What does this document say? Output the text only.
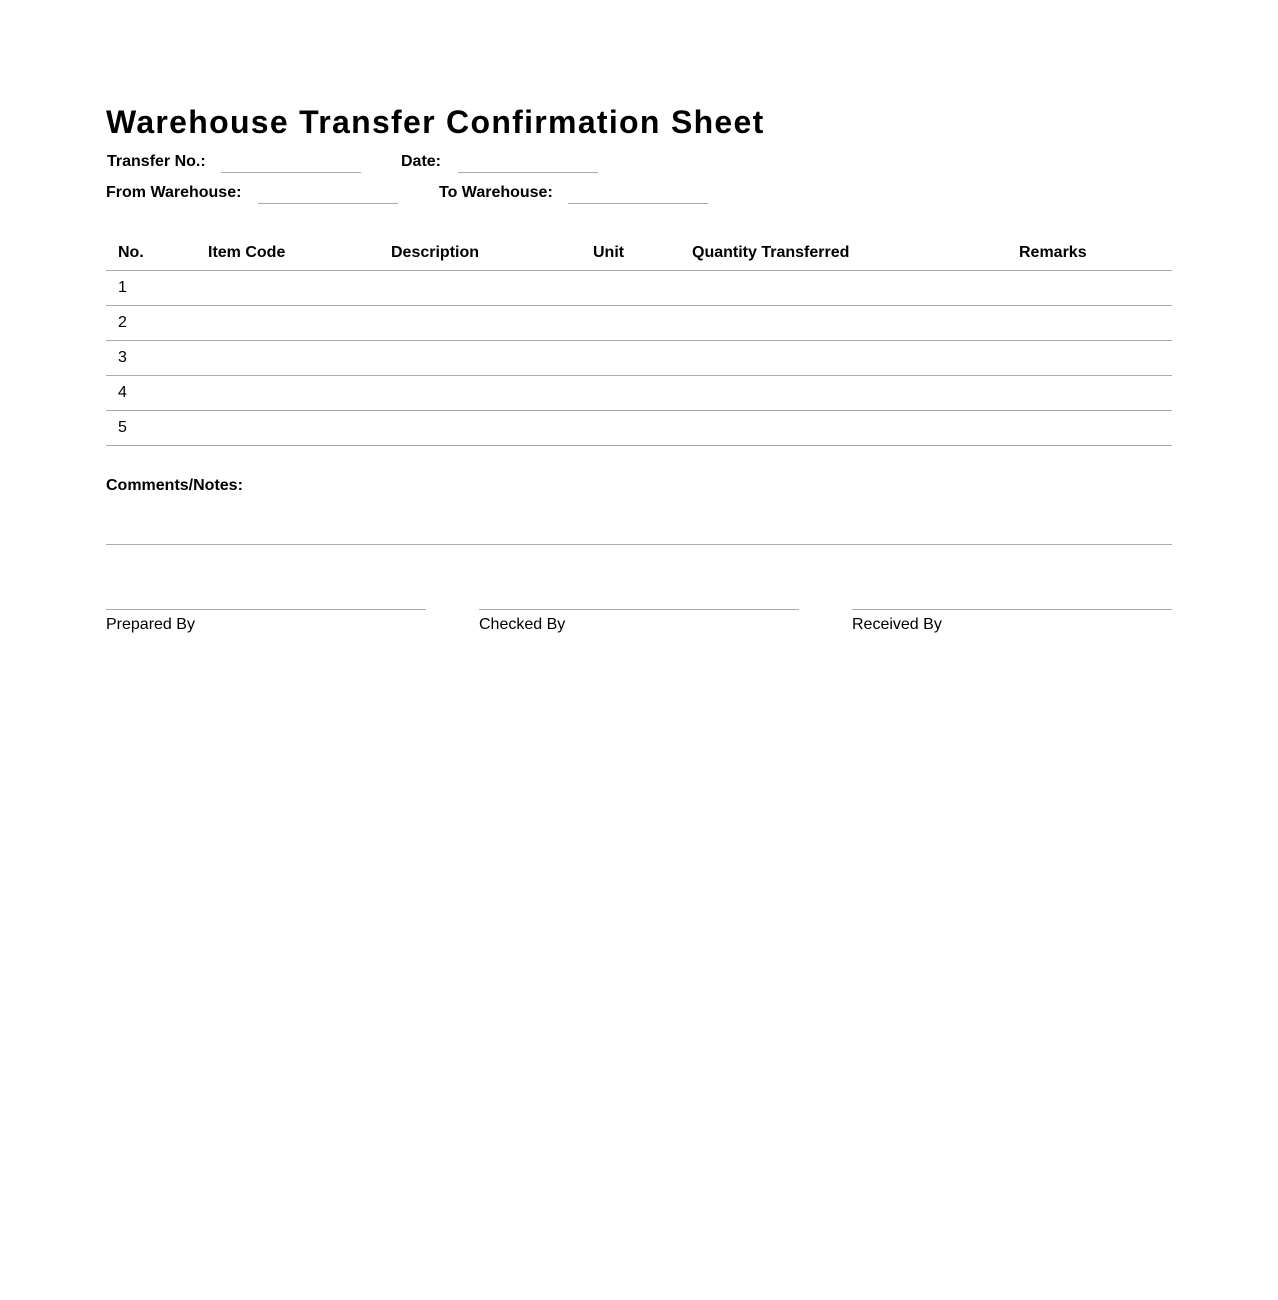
Warehouse Transfer Confirmation Sheet
Transfer No.:	Date:
From Warehouse:	To Warehouse:
No.	Item Code	Description	Unit	Quantity Transferred	Remarks
1					
2					
3					
4					
5					
Comments/Notes:
Prepared By	Checked By	Received By
